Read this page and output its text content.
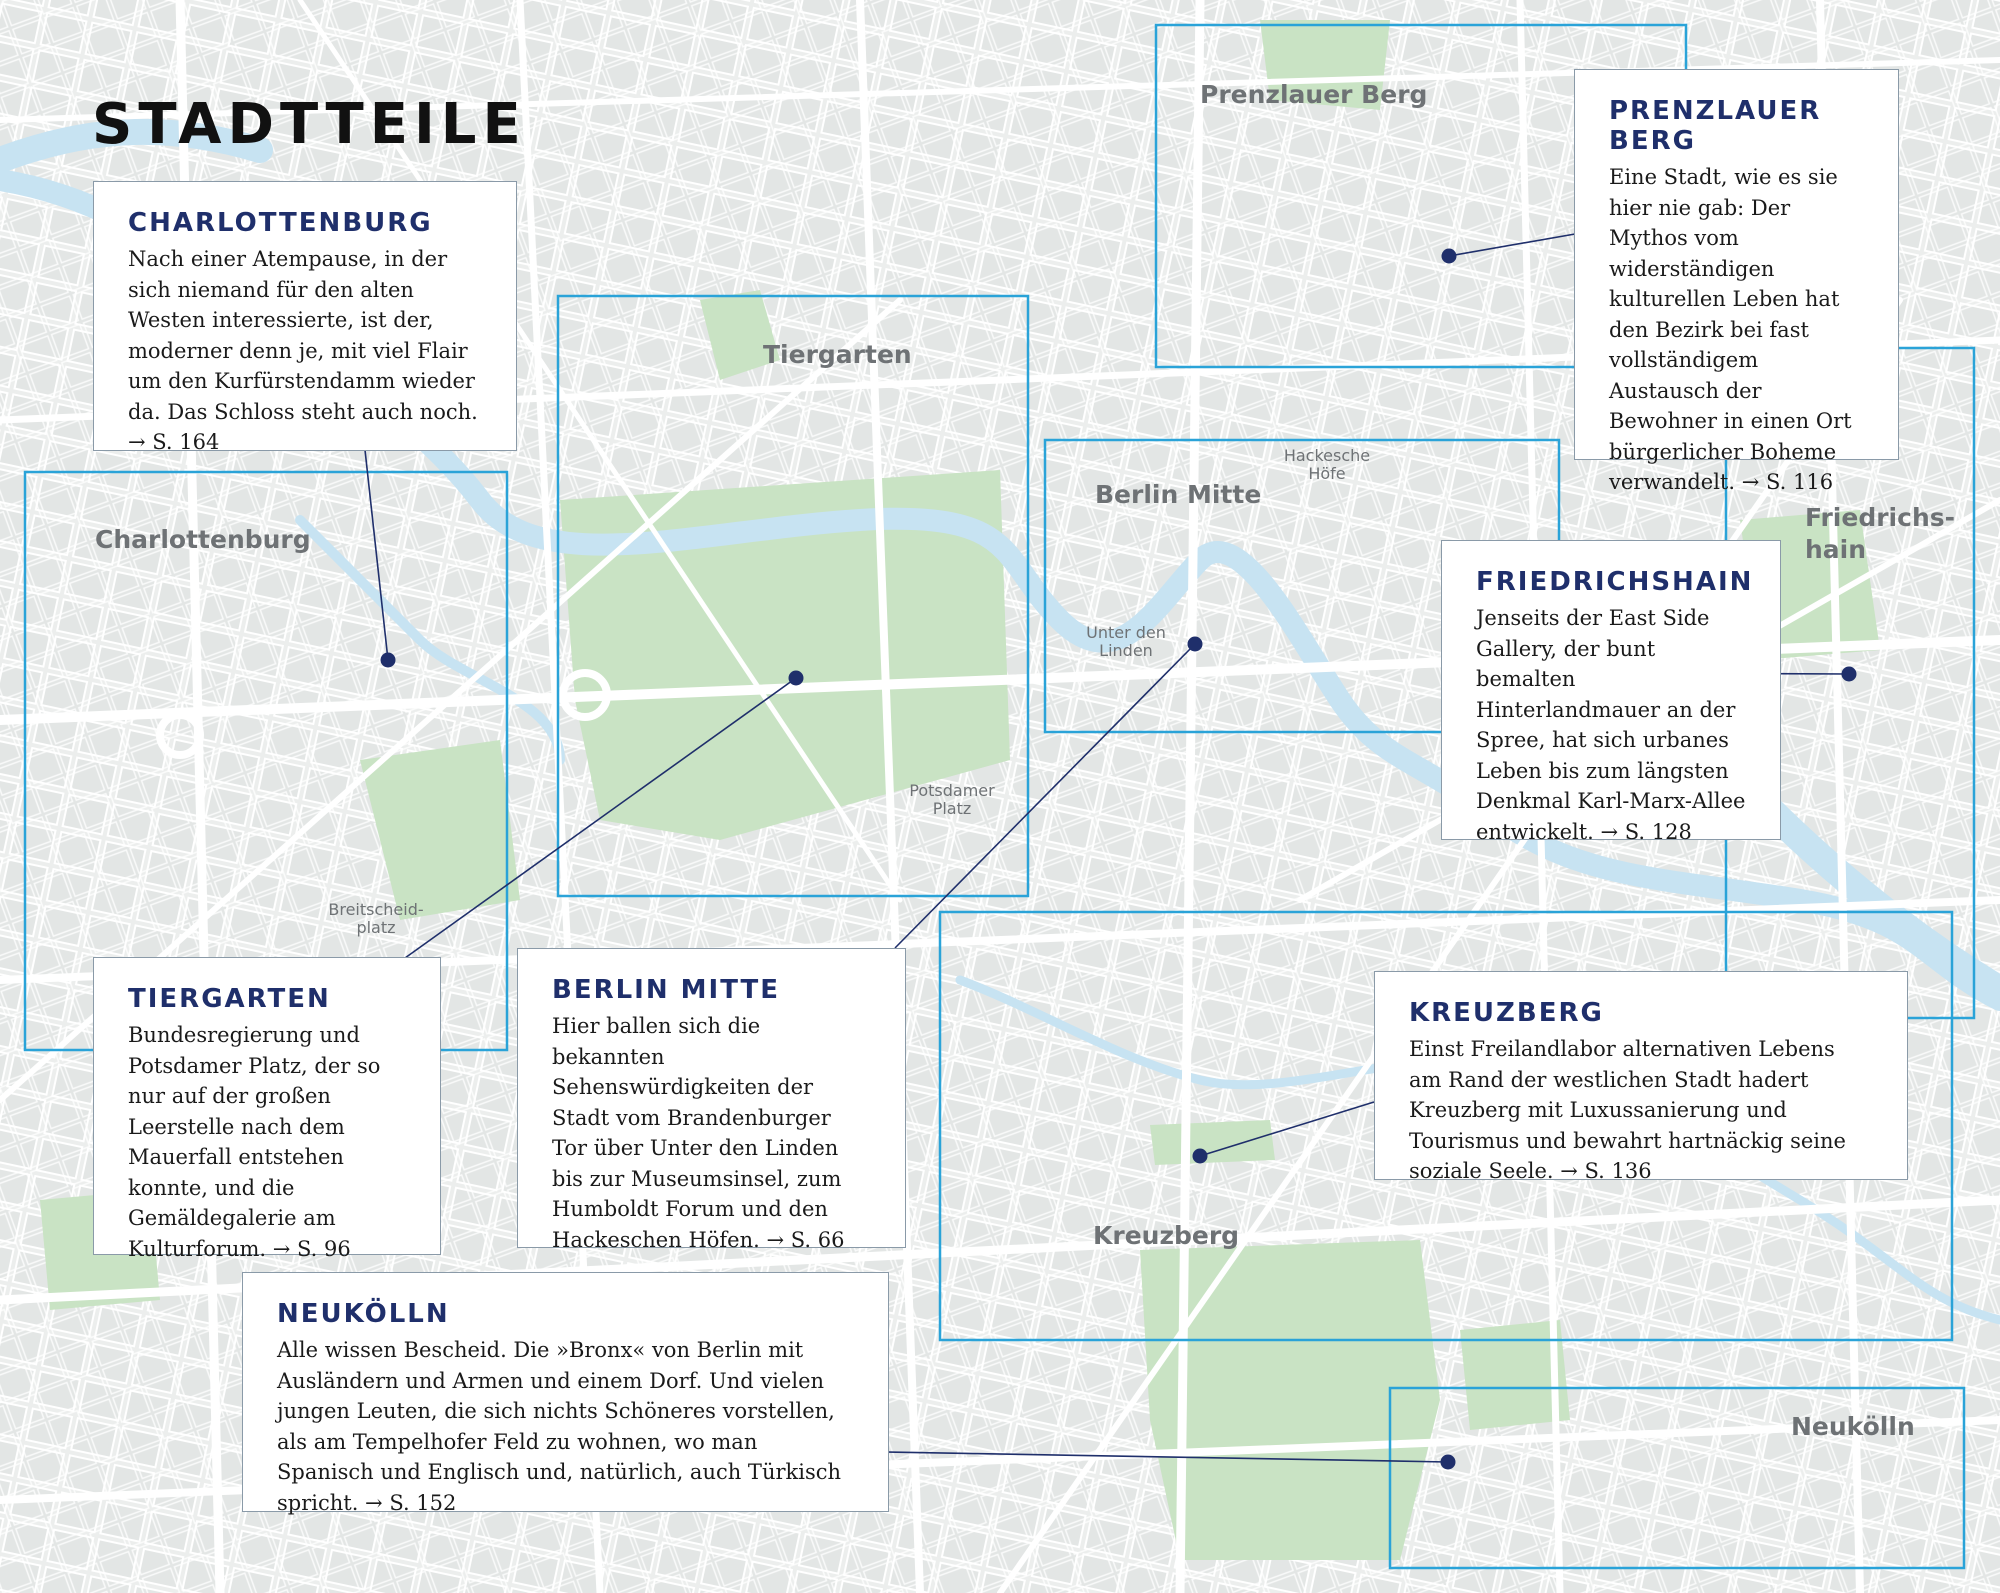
Charlottenburg
Tiergarten
Berlin Mitte
Prenzlauer Berg
Kreuzberg
Neukölln
Friedrichs- hain
Breitscheid-platz
Potsdamer Platz
Unter den Linden
Hackesche Höfe
STADTTEILE
CHARLOTTENBURG

Nach einer Atempause, in der sich niemand für den alten Westen interessierte, ist der, moderner denn je, mit viel Flair um den Kurfürstendamm wieder da. Das Schloss steht auch noch. → S. 164

TIERGARTEN

Bundesregierung und Potsdamer Platz, der so nur auf der großen Leerstelle nach dem Mauerfall entstehen konnte, und die Gemäldegalerie am Kulturforum. → S. 96

BERLIN MITTE

Hier ballen sich die bekannten Sehenswürdigkeiten der Stadt vom Brandenburger Tor über Unter den Linden bis zur Museumsinsel, zum Humboldt Forum und den Hackeschen Höfen. → S. 66

PRENZLAUER BERG

Eine Stadt, wie es sie hier nie gab: Der Mythos vom widerständigen kulturellen Leben hat den Bezirk bei fast vollständigem Austausch der Bewohner in einen Ort bürgerlicher Boheme verwandelt. → S. 116

FRIEDRICHSHAIN

Jenseits der East Side Gallery, der bunt bemalten Hinterlandmauer an der Spree, hat sich urbanes Leben bis zum längsten Denkmal Karl-Marx-Allee entwickelt. → S. 128

KREUZBERG

Einst Freilandlabor alternativen Lebens am Rand der westlichen Stadt hadert Kreuzberg mit Luxussanierung und Tourismus und bewahrt hartnäckig seine soziale Seele. → S. 136

NEUKÖLLN

Alle wissen Bescheid. Die »Bronx« von Berlin mit Ausländern und Armen und einem Dorf. Und vielen jungen Leuten, die sich nichts Schöneres vorstellen, als am Tempelhofer Feld zu wohnen, wo man Spanisch und Englisch und, natürlich, auch Türkisch spricht. → S. 152
